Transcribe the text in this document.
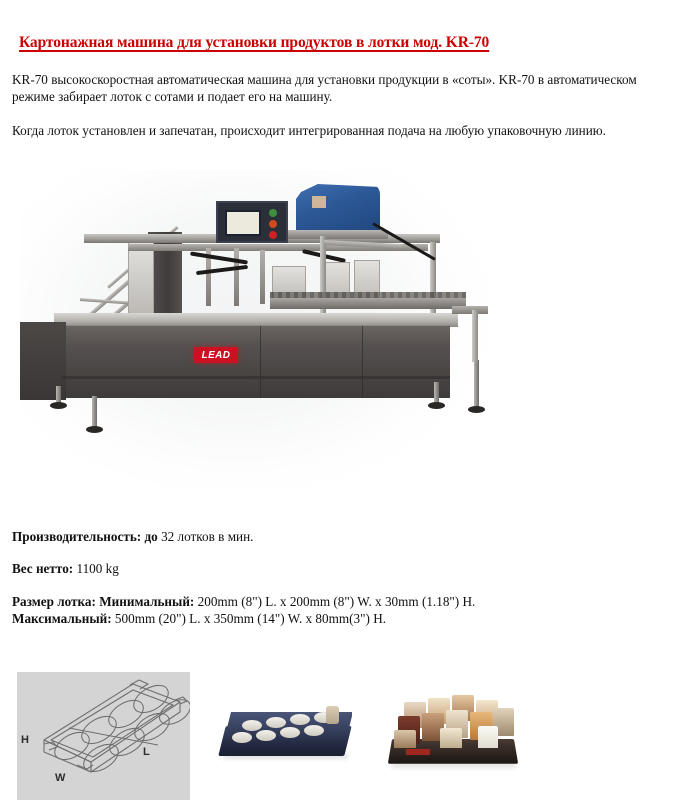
Картонажная машина для установки продуктов в лотки мод. KR-70
KR-70 высокоскоростная автоматическая машина для установки продукции в «соты». KR-70 в автоматическом режиме забирает лоток с сотами и подает его на машину.
Когда лоток установлен и запечатан, происходит интегрированная подача на любую упаковочную линию.
LEAD
Производительность: до 32 лотков в мин.
Вес нетто: 1100 kg
Размер лотка: Минимальный: 200mm (8") L. x 200mm (8") W. x 30mm (1.18") H.
Максимальный: 500mm (20") L. x 350mm (14") W. x 80mm(3") H.
H
W
L
